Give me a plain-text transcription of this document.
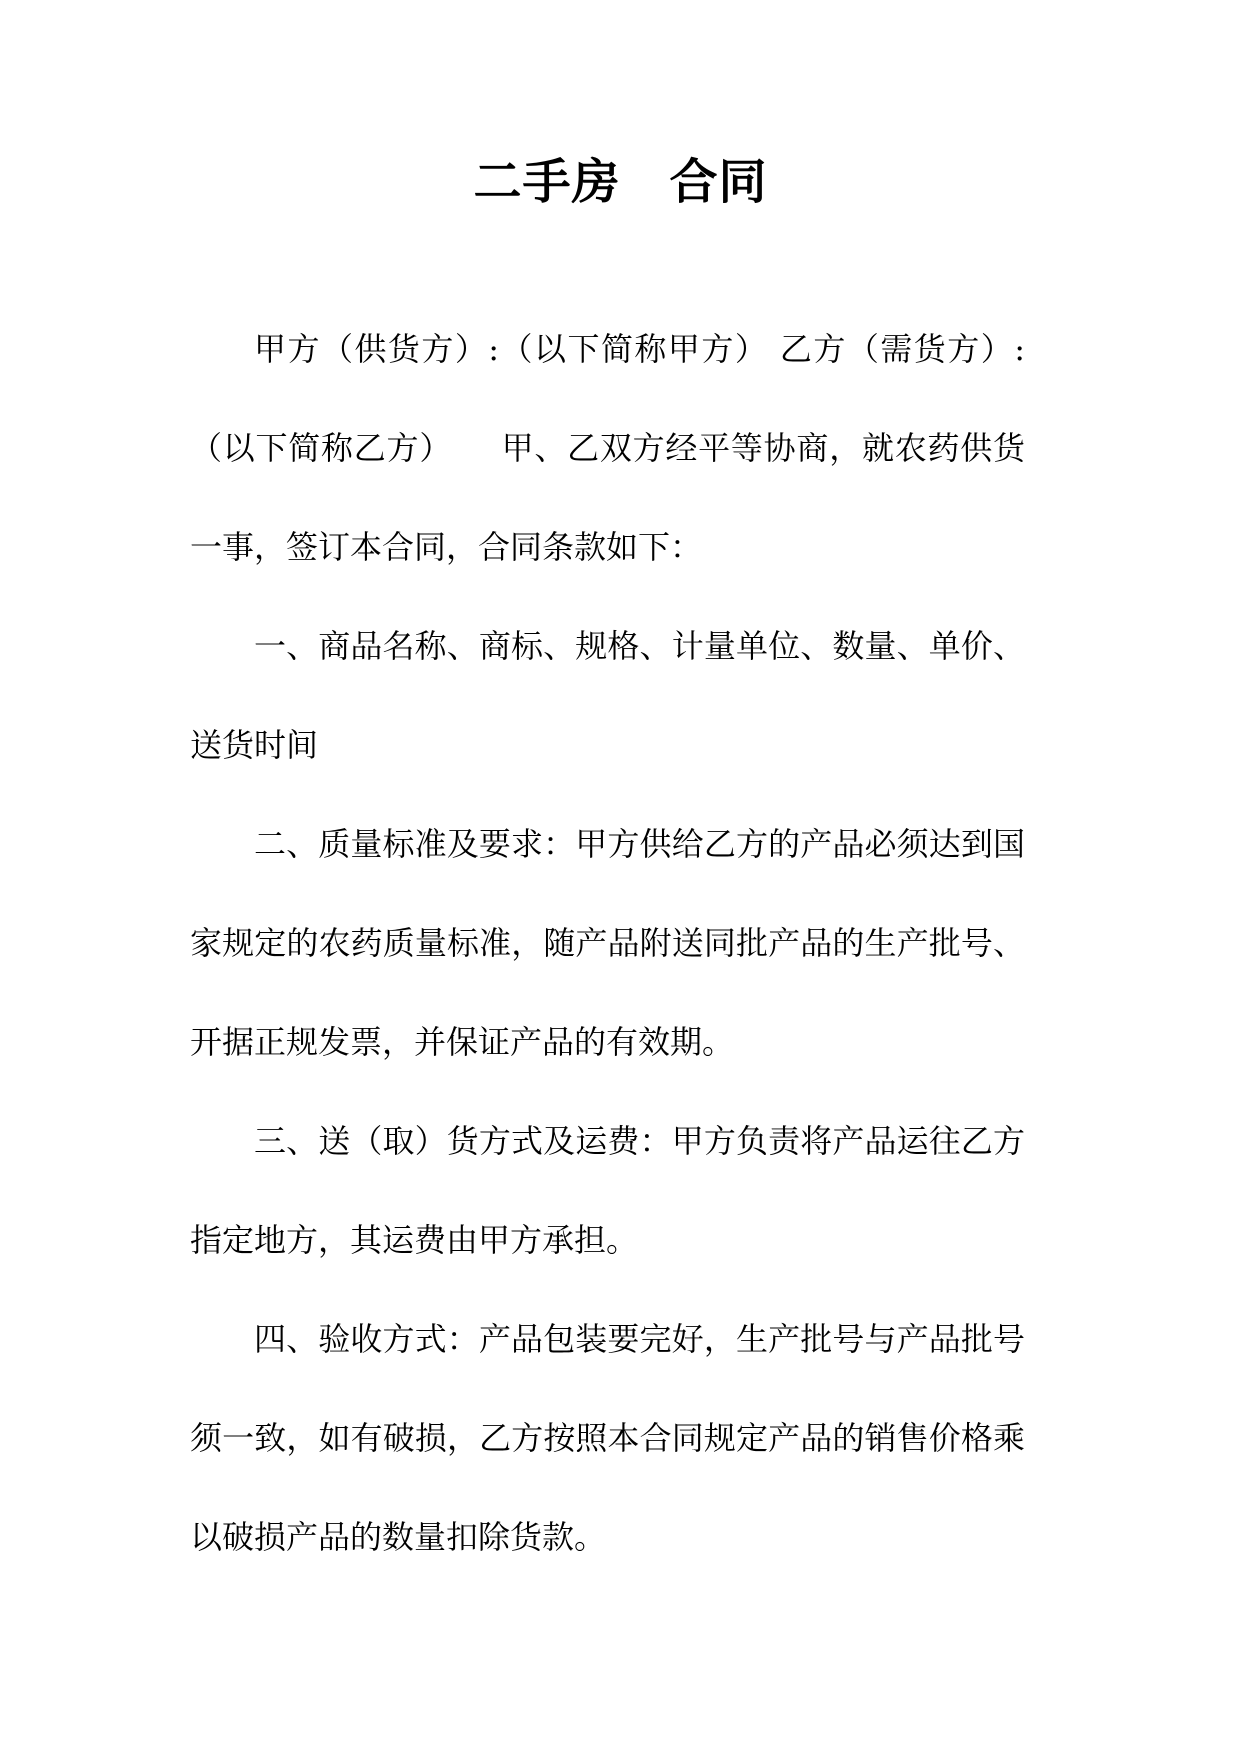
二手房　合同

甲方（供货方）:（以下简称甲方） 乙方（需货方）:（以下简称乙方）　　甲、乙双方经平等协商，就农药供货一事，签订本合同，合同条款如下：

一、商品名称、商标、规格、计量单位、数量、单价、送货时间

二、质量标准及要求：甲方供给乙方的产品必须达到国家规定的农药质量标准，随产品附送同批产品的生产批号、开据正规发票，并保证产品的有效期。

三、送（取）货方式及运费：甲方负责将产品运往乙方指定地方，其运费由甲方承担。

四、验收方式：产品包装要完好，生产批号与产品批号须一致，如有破损，乙方按照本合同规定产品的销售价格乘以破损产品的数量扣除货款。
